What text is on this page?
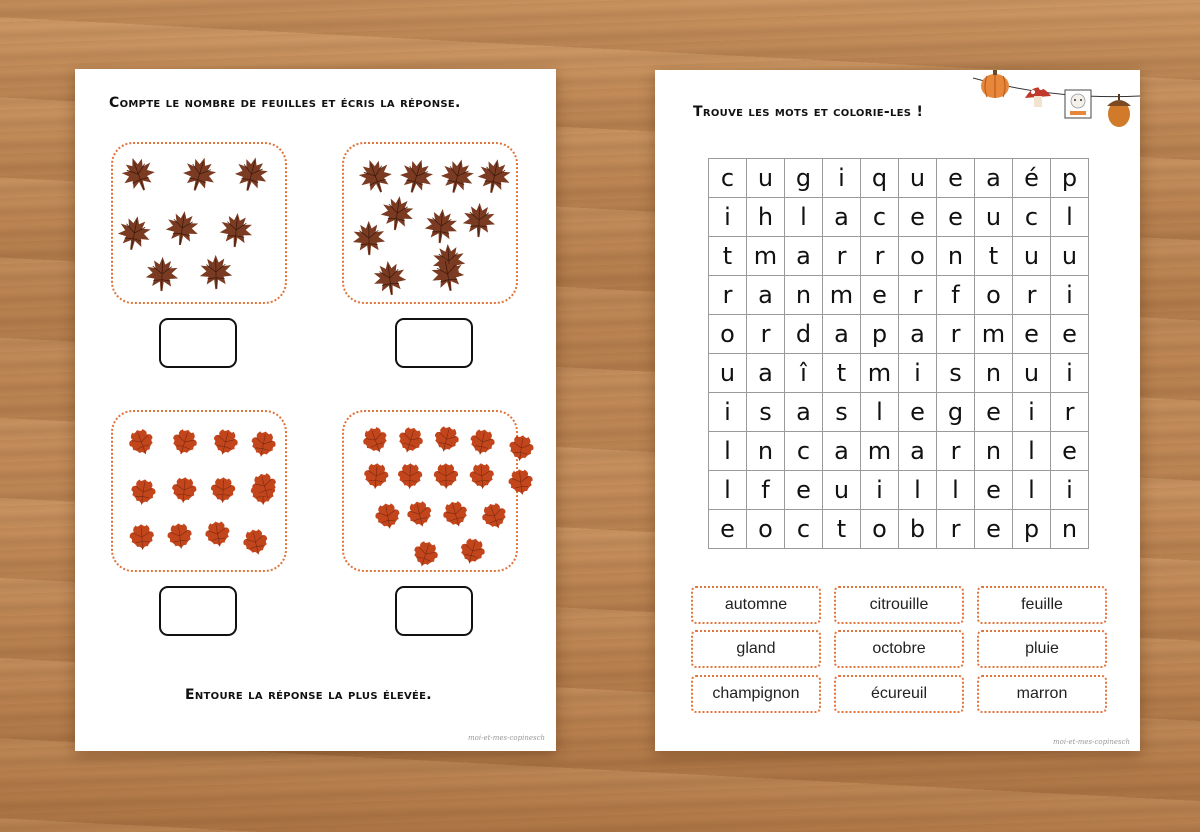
Compte le nombre de feuilles et écris la réponse.
Entoure la réponse la plus élevée.
moi-et-mes-copinesch
Trouve les mots et colorie-les !
c	u	g	i	q	u	e	a	é	p
i	h	l	a	c	e	e	u	c	l
t	m	a	r	r	o	n	t	u	u
r	a	n	m	e	r	f	o	r	i
o	r	d	a	p	a	r	m	e	e
u	a	î	t	m	i	s	n	u	i
i	s	a	s	l	e	g	e	i	r
l	n	c	a	m	a	r	n	l	e
l	f	e	u	i	l	l	e	l	i
e	o	c	t	o	b	r	e	p	n
automne	citrouille	feuille
gland	octobre	pluie
champignon	écureuil	marron
moi-et-mes-copinesch
